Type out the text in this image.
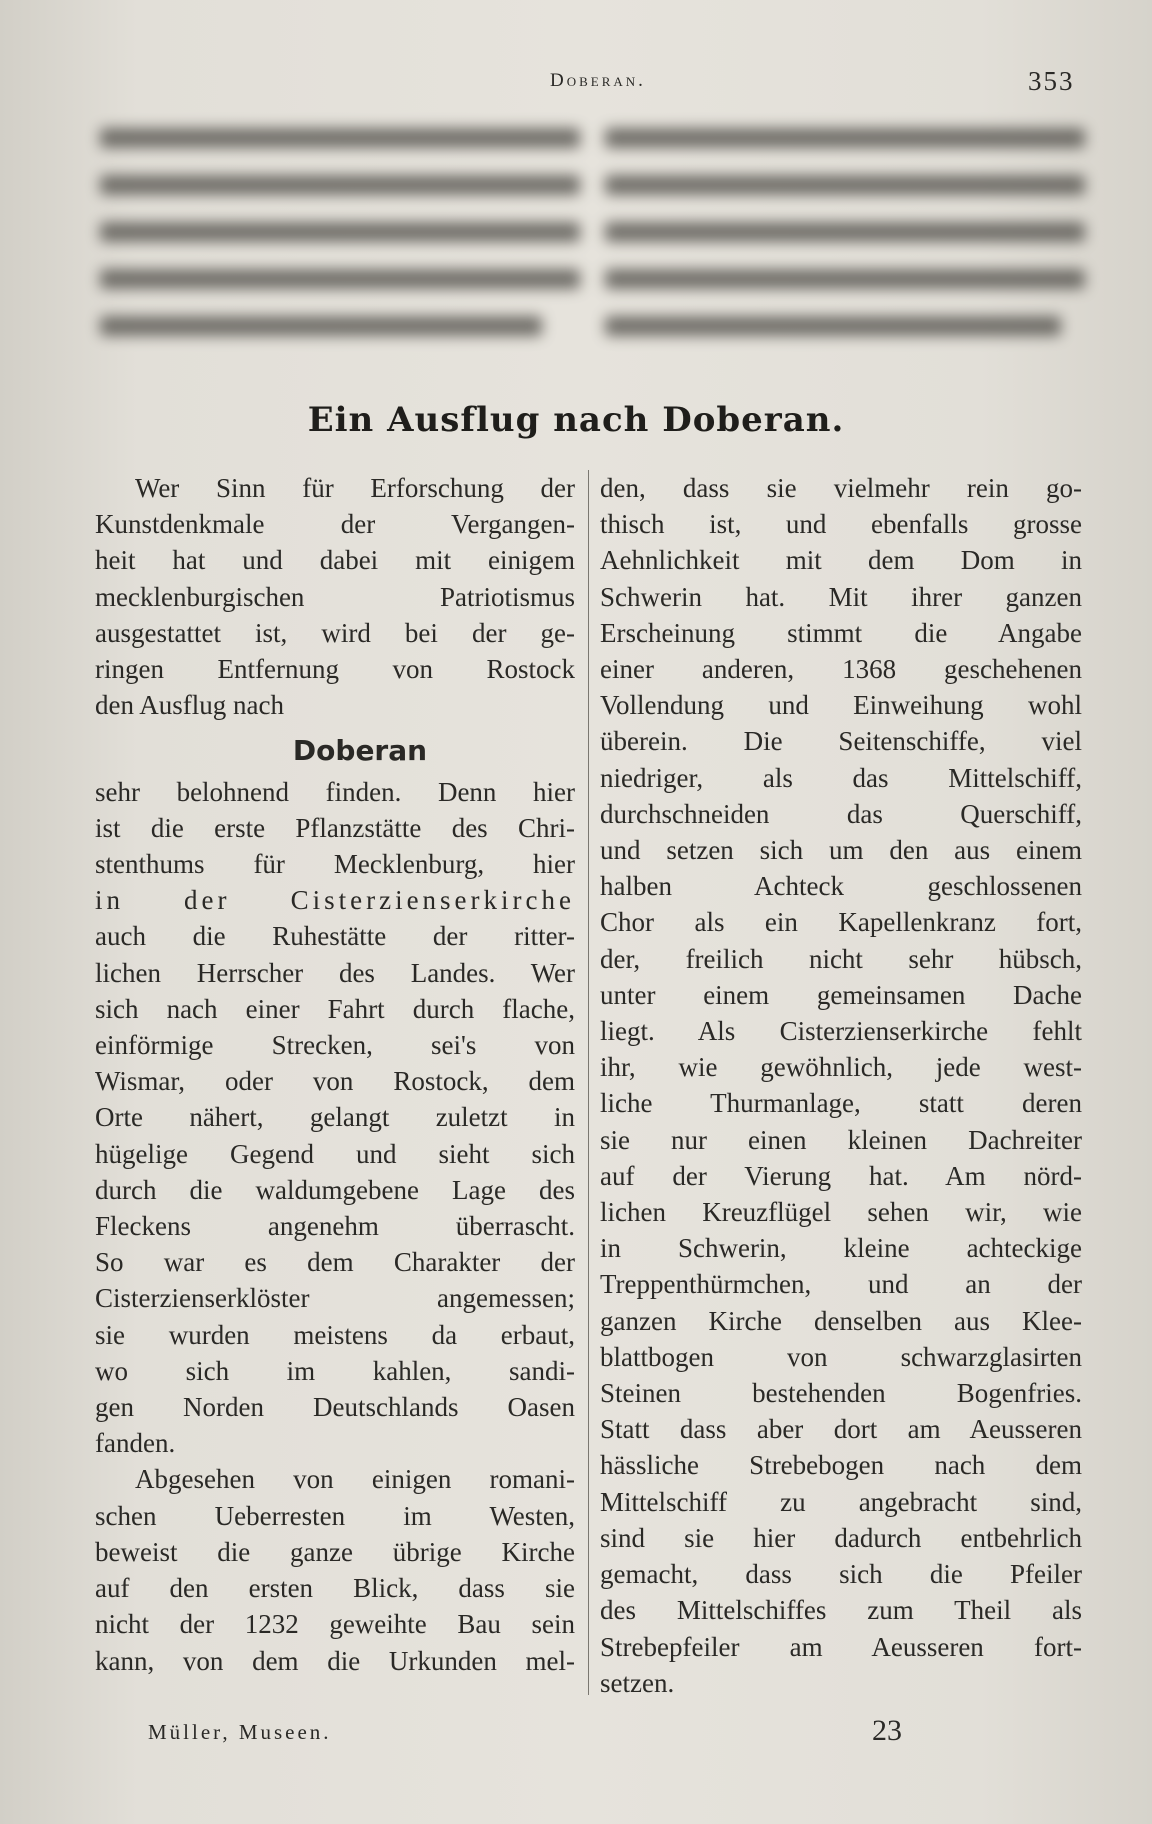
Doberan.	353
Ein Ausflug nach Doberan.
Wer Sinn für Erforschung der
Kunstdenkmale der Vergangen-
heit hat und dabei mit einigem
mecklenburgischen Patriotismus
ausgestattet ist, wird bei der ge-
ringen Entfernung von Rostock
den Ausflug nach
Doberan
sehr belohnend finden. Denn hier
ist die erste Pflanzstätte des Chri-
stenthums für Mecklenburg, hier
in der Cisterzienserkirche
auch die Ruhestätte der ritter-
lichen Herrscher des Landes. Wer
sich nach einer Fahrt durch flache,
einförmige Strecken, sei's von
Wismar, oder von Rostock, dem
Orte nähert, gelangt zuletzt in
hügelige Gegend und sieht sich
durch die waldumgebene Lage des
Fleckens angenehm überrascht.
So war es dem Charakter der
Cisterzienserklöster angemessen;
sie wurden meistens da erbaut,
wo sich im kahlen, sandi-
gen Norden Deutschlands Oasen
fanden.
Abgesehen von einigen romani-
schen Ueberresten im Westen,
beweist die ganze übrige Kirche
auf den ersten Blick, dass sie
nicht der 1232 geweihte Bau sein
kann, von dem die Urkunden mel-
den, dass sie vielmehr rein go-
thisch ist, und ebenfalls grosse
Aehnlichkeit mit dem Dom in
Schwerin hat. Mit ihrer ganzen
Erscheinung stimmt die Angabe
einer anderen, 1368 geschehenen
Vollendung und Einweihung wohl
überein. Die Seitenschiffe, viel
niedriger, als das Mittelschiff,
durchschneiden das Querschiff,
und setzen sich um den aus einem
halben Achteck geschlossenen
Chor als ein Kapellenkranz fort,
der, freilich nicht sehr hübsch,
unter einem gemeinsamen Dache
liegt. Als Cisterzienserkirche fehlt
ihr, wie gewöhnlich, jede west-
liche Thurmanlage, statt deren
sie nur einen kleinen Dachreiter
auf der Vierung hat. Am nörd-
lichen Kreuzflügel sehen wir, wie
in Schwerin, kleine achteckige
Treppenthürmchen, und an der
ganzen Kirche denselben aus Klee-
blattbogen von schwarzglasirten
Steinen bestehenden Bogenfries.
Statt dass aber dort am Aeusseren
hässliche Strebebogen nach dem
Mittelschiff zu angebracht sind,
sind sie hier dadurch entbehrlich
gemacht, dass sich die Pfeiler
des Mittelschiffes zum Theil als
Strebepfeiler am Aeusseren fort-
setzen.
Müller, Museen.	23
